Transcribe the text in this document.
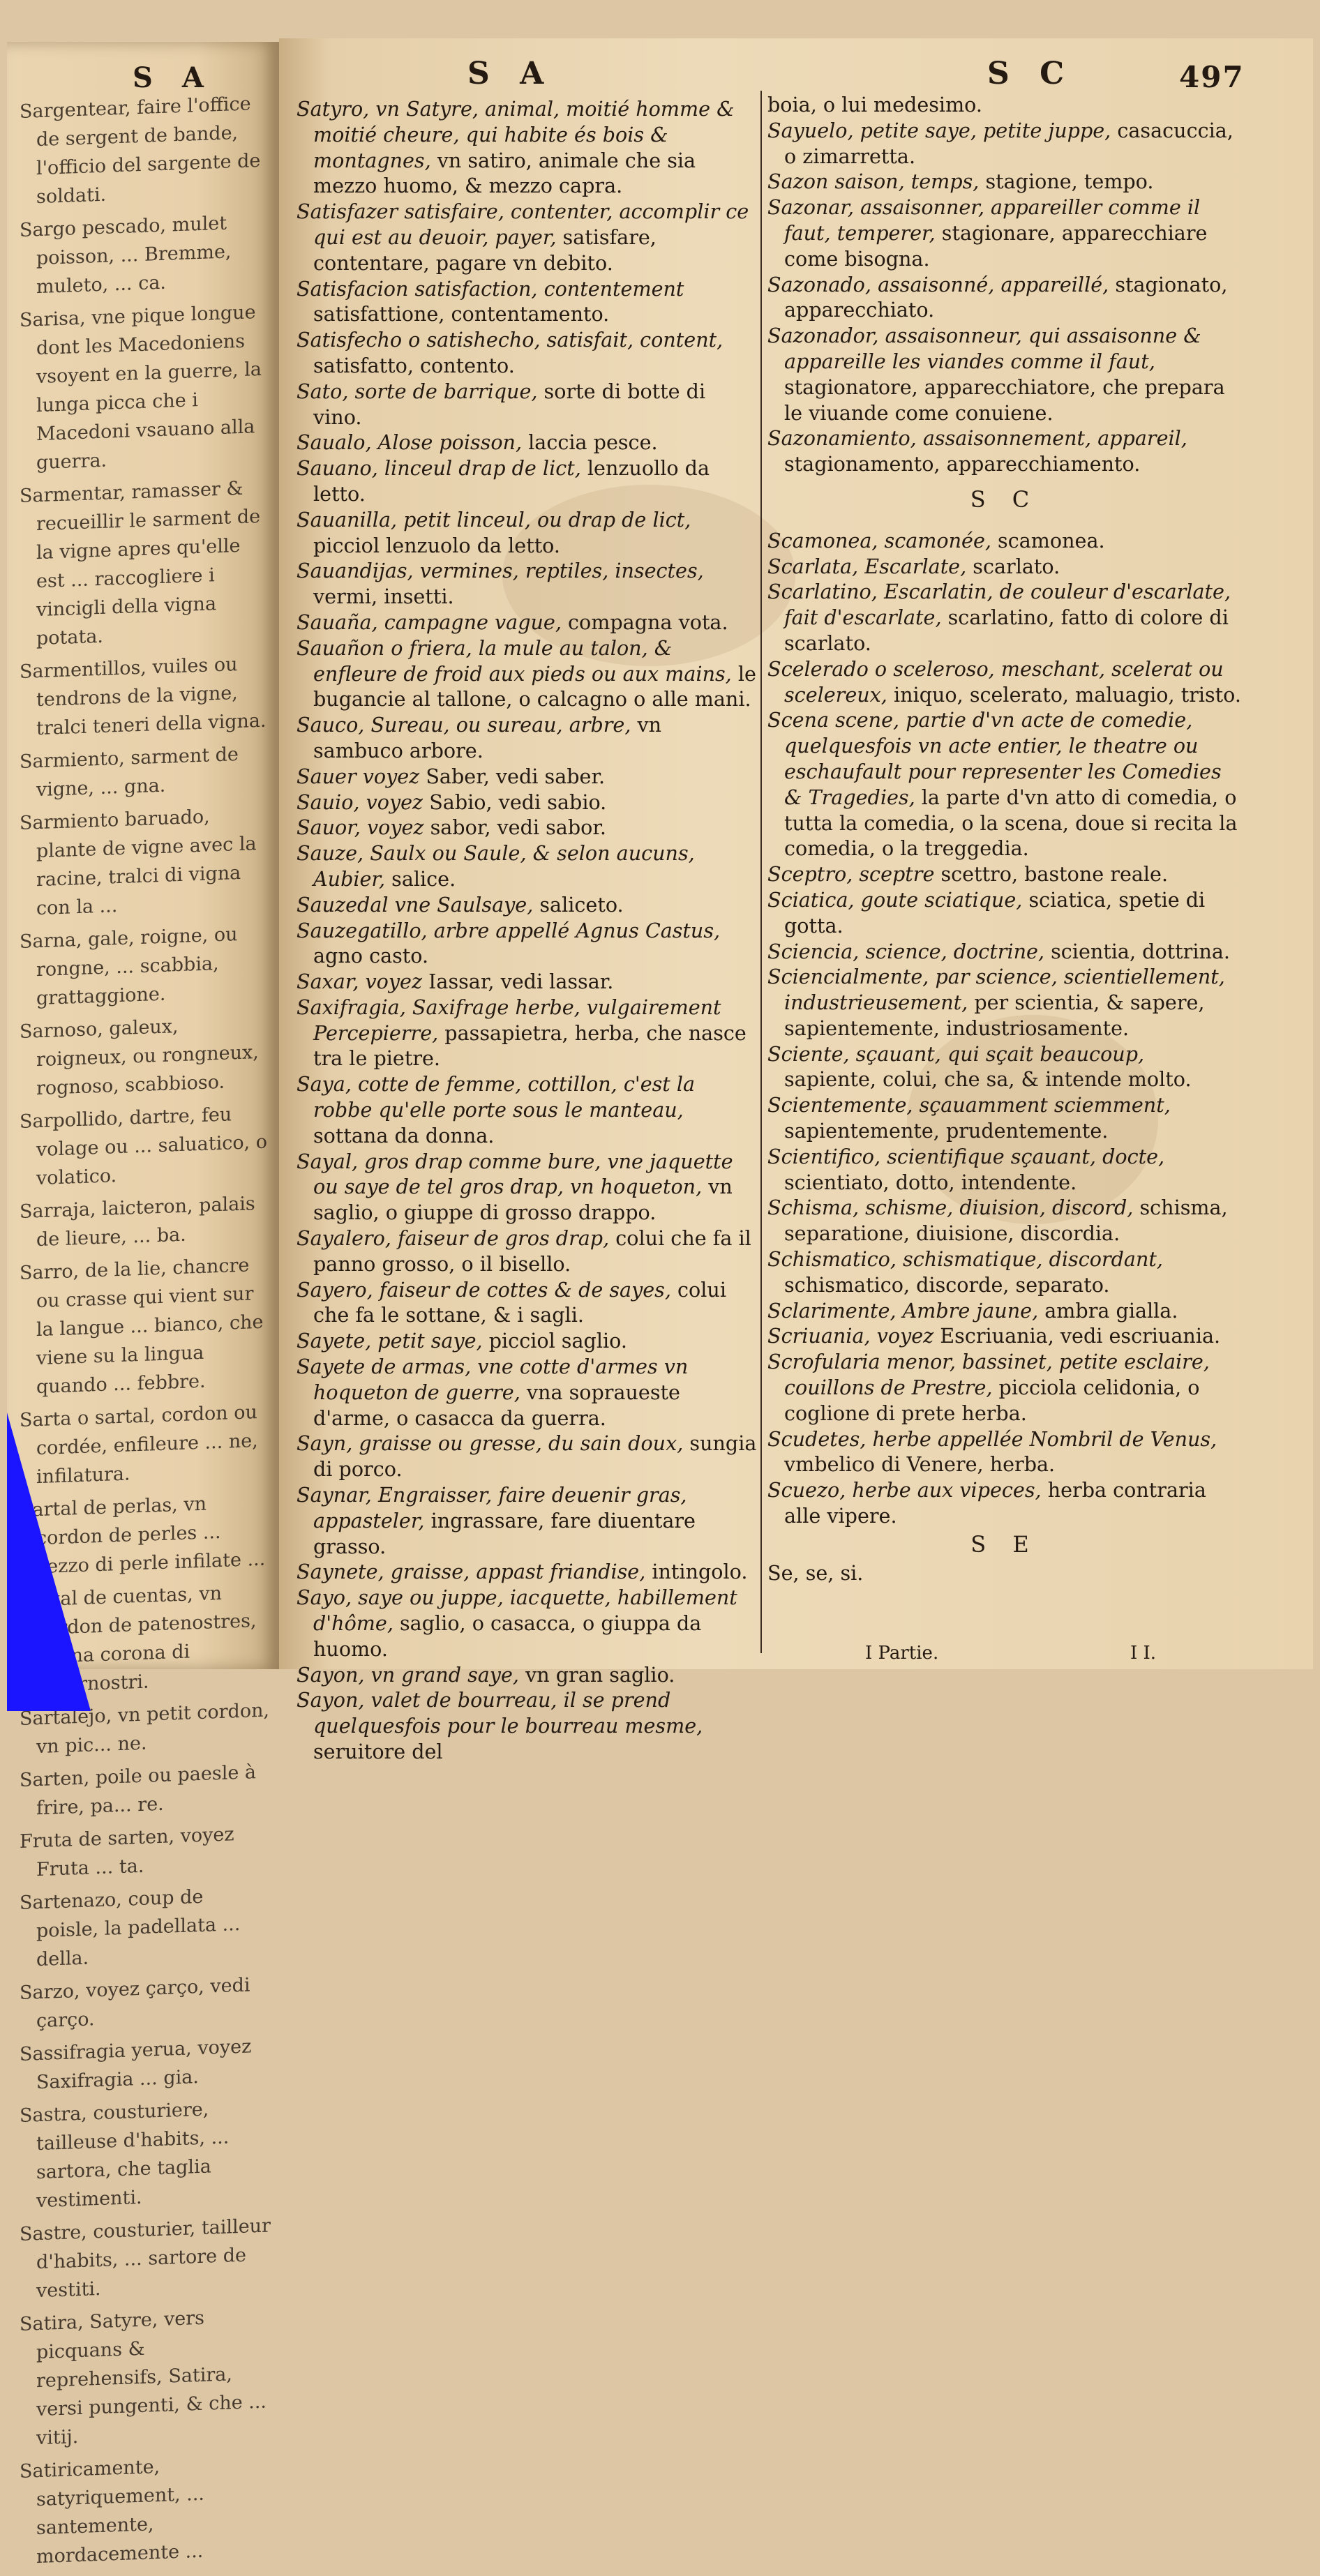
S A

Sargentear, faire l'office de sergent de bande, l'officio del sargente de soldati.

Sargo pescado, mulet poisson, ... Bremme, muleto, ... ca.

Sarisa, vne pique longue dont les Macedoniens vsoyent en la guerre, la lunga picca che i Macedoni vsauano alla guerra.

Sarmentar, ramasser & recueillir le sarment de la vigne apres qu'elle est ... raccogliere i vincigli della vigna potata.

Sarmentillos, vuiles ou tendrons de la vigne, tralci teneri della vigna.

Sarmiento, sarment de vigne, ... gna.

Sarmiento baruado, plante de vigne avec la racine, tralci di vigna con la ...

Sarna, gale, roigne, ou rongne, ... scabbia, grattaggione.

Sarnoso, galeux, roigneux, ou rongneux, rognoso, scabbioso.

Sarpollido, dartre, feu volage ou ... saluatico, o volatico.

Sarraja, laicteron, palais de lieure, ... ba.

Sarro, de la lie, chancre ou crasse qui vient sur la langue ... bianco, che viene su la lingua quando ... febbre.

Sarta o sartal, cordon ou cordée, enfileure ... ne, infilatura.

Sartal de perlas, vn cordon de perles ... vezzo di perle infilate ...

Sartal de cuentas, vn cordon de patenostres, ... vna corona di paternostri.

Sartalejo, vn petit cordon, vn pic... ne.

Sarten, poile ou paesle à frire, pa... re.

Fruta de sarten, voyez Fruta ... ta.

Sartenazo, coup de poisle, la padellata ... della.

Sarzo, voyez çarço, vedi çarço.

Sassifragia yerua, voyez Saxifragia ... gia.

Sastra, cousturiere, tailleuse d'habits, ... sartora, che taglia vestimenti.

Sastre, cousturier, tailleur d'habits, ... sartore de vestiti.

Satira, Satyre, vers picquans & reprehensifs, Satira, versi pungenti, & che ... vitij.

Satiricamente, satyriquement, ... santemente, mordacemente ...

S A	S C	497

Satyro, vn Satyre, animal, moitié homme & moitié cheure, qui habite és bois & montagnes, vn satiro, animale che sia mezzo huomo, & mezzo capra.

Satisfazer satisfaire, contenter, accomplir ce qui est au deuoir, payer, satisfare, contentare, pagare vn debito.

Satisfacion satisfaction, contentement satisfattione, contentamento.

Satisfecho o satishecho, satisfait, content, satisfatto, contento.

Sato, sorte de barrique, sorte di botte di vino.

Saualo, Alose poisson, laccia pesce.

Sauano, linceul drap de lict, lenzuollo da letto.

Sauanilla, petit linceul, ou drap de lict, picciol lenzuolo da letto.

Sauandijas, vermines, reptiles, insectes, vermi, insetti.

Sauaña, campagne vague, compagna vota.

Sauañon o friera, la mule au talon, & enfleure de froid aux pieds ou aux mains, le bugancie al tallone, o calcagno o alle mani.

Sauco, Sureau, ou sureau, arbre, vn sambuco arbore.

Sauer voyez Saber, vedi saber.

Sauio, voyez Sabio, vedi sabio.

Sauor, voyez sabor, vedi sabor.

Sauze, Saulx ou Saule, & selon aucuns, Aubier, salice.

Sauzedal vne Saulsaye, saliceto.

Sauzegatillo, arbre appellé Agnus Castus, agno casto.

Saxar, voyez Iassar, vedi lassar.

Saxifragia, Saxifrage herbe, vulgairement Percepierre, passapietra, herba, che nasce tra le pietre.

Saya, cotte de femme, cottillon, c'est la robbe qu'elle porte sous le manteau, sottana da donna.

Sayal, gros drap comme bure, vne jaquette ou saye de tel gros drap, vn hoqueton, vn saglio, o giuppe di grosso drappo.

Sayalero, faiseur de gros drap, colui che fa il panno grosso, o il bisello.

Sayero, faiseur de cottes & de sayes, colui che fa le sottane, & i sagli.

Sayete, petit saye, picciol saglio.

Sayete de armas, vne cotte d'armes vn hoqueton de guerre, vna sopraueste d'arme, o casacca da guerra.

Sayn, graisse ou gresse, du sain doux, sungia di porco.

Saynar, Engraisser, faire deuenir gras, appasteler, ingrassare, fare diuentare grasso.

Saynete, graisse, appast friandise, intingolo.

Sayo, saye ou juppe, iacquette, habillement d'hôme, saglio, o casacca, o giuppa da huomo.

Sayon, vn grand saye, vn gran saglio.

Sayon, valet de bourreau, il se prend quelquesfois pour le bourreau mesme, seruitore del

boia, o lui medesimo.

Sayuelo, petite saye, petite juppe, casacuccia, o zimarretta.

Sazon saison, temps, stagione, tempo.

Sazonar, assaisonner, appareiller comme il faut, temperer, stagionare, apparecchiare come bisogna.

Sazonado, assaisonné, appareillé, stagionato, apparecchiato.

Sazonador, assaisonneur, qui assaisonne & appareille les viandes comme il faut, stagionatore, apparecchiatore, che prepara le viuande come conuiene.

Sazonamiento, assaisonnement, appareil, stagionamento, apparecchiamento.

S C

Scamonea, scamonée, scamonea.

Scarlata, Escarlate, scarlato.

Scarlatino, Escarlatin, de couleur d'escarlate, fait d'escarlate, scarlatino, fatto di colore di scarlato.

Scelerado o sceleroso, meschant, scelerat ou scelereux, iniquo, scelerato, maluagio, tristo.

Scena scene, partie d'vn acte de comedie, quelquesfois vn acte entier, le theatre ou eschaufault pour representer les Comedies & Tragedies, la parte d'vn atto di comedia, o tutta la comedia, o la scena, doue si recita la comedia, o la treggedia.

Sceptro, sceptre scettro, bastone reale.

Sciatica, goute sciatique, sciatica, spetie di gotta.

Sciencia, science, doctrine, scientia, dottrina.

Sciencialmente, par science, scientiellement, industrieusement, per scientia, & sapere, sapientemente, industriosamente.

Sciente, sçauant, qui sçait beaucoup, sapiente, colui, che sa, & intende molto.

Scientemente, sçauamment sciemment, sapientemente, prudentemente.

Scientifico, scientifique sçauant, docte, scientiato, dotto, intendente.

Schisma, schisme, diuision, discord, schisma, separatione, diuisione, discordia.

Schismatico, schismatique, discordant, schismatico, discorde, separato.

Sclarimente, Ambre jaune, ambra gialla.

Scriuania, voyez Escriuania, vedi escriuania.

Scrofularia menor, bassinet, petite esclaire, couillons de Prestre, picciola celidonia, o coglione di prete herba.

Scudetes, herbe appellée Nombril de Venus, vmbelico di Venere, herba.

Scuezo, herbe aux vipeces, herba contraria alle vipere.

S E

Se, se, si.

I Partie.	I I.
